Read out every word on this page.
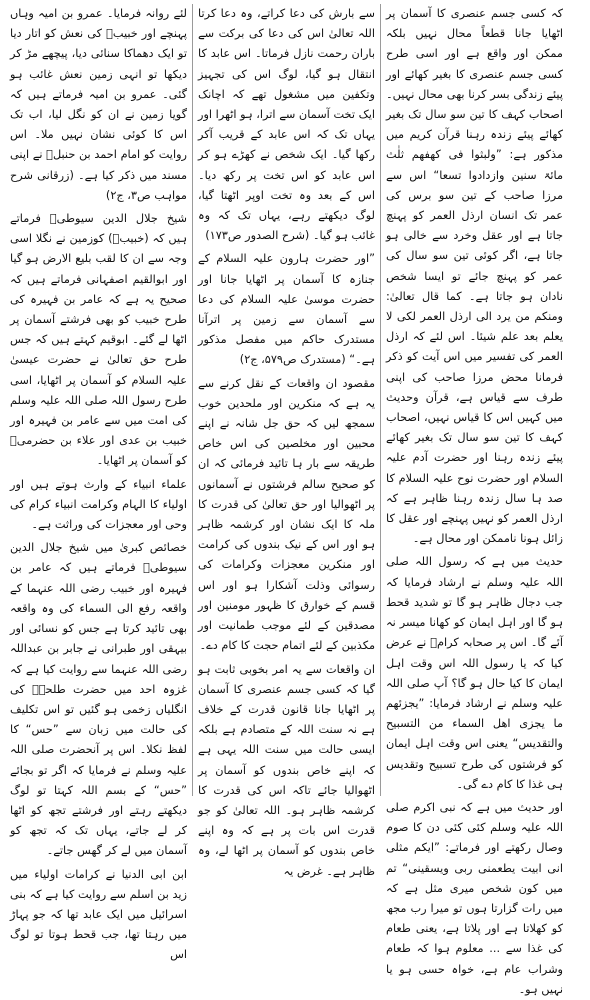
لئے روانہ فرمایا۔ عمرو بن امیہ وہاں پہنچے اور خبیبؓ کی نعش کو اتار دیا تو ایک دھماکا سنائی دیا، پیچھے مڑ کر دیکھا تو انہی زمین نعش غائب ہو گئی۔ عمرو بن امیہ فرماتے ہیں کہ گویا زمین نے ان کو نگل لیا، اب تک اس کا کوئی نشان نہیں ملا۔ اس روایت کو امام احمد بن حنبلؒ نے اپنی مسند میں ذکر کیا ہے۔ (زرقانی شرح مواہب ص۳، ج۲)

شیخ جلال الدین سیوطیؒ فرماتے ہیں کہ (خبیبؓ) کوزمین نے نگلا اسی وجہ سے ان کا لقب بلیع الارض ہو گیا اور ابوالقیم اصفہانی فرماتے ہیں کہ صحیح یہ ہے کہ عامر بن فہیرہ کی طرح خبیب کو بھی فرشتے آسمان پر اٹھا لے گئے۔ ابوقیم کہتے ہیں کہ جس طرح حق تعالیٰ نے حضرت عیسیٰ علیہ السلام کو آسمان پر اٹھایا، اسی طرح رسول اللہ صلی اللہ علیہ وسلم کی امت میں سے عامر بن فہیرہ اور خبیب بن عدی اور علاء بن حضرمیؓ کو آسمان پر اٹھایا۔

علماء انبیاء کے وارث ہوتے ہیں اور اولیاء کا الہام وکرامت انبیاء کرام کی وحی اور معجزات کی وراثت ہے۔

خصائص کبریٰ میں شیخ جلال الدین سیوطیؒ فرماتے ہیں کہ عامر بن فہیرہ اور خبیب رضی اللہ عنہما کے واقعہ رفع الی السماء کی وہ واقعہ بھی تائید کرتا ہے جس کو نسائی اور بیہقی اور طبرانی نے جابر بن عبداللہ رضی اللہ عنہما سے روایت کیا ہے کہ غزوہ احد میں حضرت طلحہؓ کی انگلیاں زخمی ہو گئیں تو اس تکلیف کی حالت میں زبان سے ”حس“ کا لفظ نکلا۔ اس پر آنحضرت صلی اللہ علیہ وسلم نے فرمایا کہ اگر تو بجائے ”حس“ کے بسم اللہ کہتا تو لوگ دیکھتے رہتے اور فرشتے تجھ کو اٹھا کر لے جاتے، یہاں تک کہ تجھ کو آسمان میں لے کر گھس جاتے۔

ابن ابی الدنیا نے کرامات اولیاء میں زید بن اسلم سے روایت کیا ہے کہ بنی اسرائیل میں ایک عابد تھا کہ جو پہاڑ میں رہتا تھا، جب قحط ہوتا تو لوگ اس

سے بارش کی دعا کراتے، وہ دعا کرتا اللہ تعالیٰ اس کی دعا کی برکت سے باران رحمت نازل فرماتا۔ اس عابد کا انتقال ہو گیا، لوگ اس کی تجہیز وتکفین میں مشغول تھے کہ اچانک ایک تخت آسمان سے اترا، ہو اٹھرا اور یہاں تک کہ اس عابد کے قریب آکر رکھا گیا۔ ایک شخص نے کھڑے ہو کر اس عابد کو اس تخت پر رکھ دیا۔ اس کے بعد وہ تخت اوپر اٹھتا گیا، لوگ دیکھتے رہے، یہاں تک کہ وہ غائب ہو گیا۔ (شرح الصدور ص۱۷۳)

”اور حضرت ہارون علیہ السلام کے جنازہ کا آسمان پر اٹھایا جانا اور حضرت موسیٰ علیہ السلام کی دعا سے آسمان سے زمین پر اترآنا مستدرک حاکم میں مفصل مذکور ہے۔“ (مستدرک ص۵۷۹، ج۲)

مقصود ان واقعات کے نقل کرنے سے یہ ہے کہ منکرین اور ملحدین خوب سمجھ لیں کہ حق جل شانہ نے اپنے محبین اور مخلصین کی اس خاص طریقہ سے بار ہا تائید فرمائی کہ ان کو صحیح سالم فرشتوں نے آسمانوں پر اٹھوالیا اور حق تعالیٰ کی قدرت کا ملہ کا ایک نشان اور کرشمہ ظاہر ہو اور اس کے نیک بندوں کی کرامت اور منکرین معجزات وکرامات کی رسوائی وذلت آشکارا ہو اور اس قسم کے خوارق کا ظہور مومنین اور مصدقین کے لئے موجب طمانیت اور مکذبین کے لئے اتمام حجت کا کام دے۔

ان واقعات سے یہ امر بخوبی ثابت ہو گیا کہ کسی جسم عنصری کا آسمان پر اٹھایا جانا قانون قدرت کے خلاف ہے نہ سنت اللہ کے متصادم ہے بلکہ ایسی حالت میں سنت اللہ یہی ہے کہ اپنے خاص بندوں کو آسمان پر اٹھوالیا جائے تاکہ اس کی قدرت کا کرشمہ ظاہر ہو۔ اللہ تعالیٰ کو جو قدرت اس بات پر ہے کہ وہ اپنے خاص بندوں کو آسمان پر اٹھا لے، وہ ظاہر ہے۔ غرض یہ

کہ کسی جسم عنصری کا آسمان پر اٹھایا جانا قطعاً محال نہیں بلکہ ممکن اور واقع ہے اور اسی طرح کسی جسم عنصری کا بغیر کھائے اور پیئے زندگی بسر کرنا بھی محال نہیں۔ اصحاب کہف کا تین سو سال تک بغیر کھائے پیئے زندہ رہنا قرآن کریم میں مذکور ہے: ”ولبثوا فی کھفھم ثلٰث مائۃ سنین وازدادوا تسعا“ اس سے مرزا صاحب کے تین سو برس کی عمر تک انسان ارذل العمر کو پہنچ جاتا ہے اور عقل وخرد سے خالی ہو جاتا ہے، اگر کوئی تین سو سال کی عمر کو پہنچ جائے تو ایسا شخص نادان ہو جاتا ہے۔ کما قال تعالیٰ: ومنکم من یرد الی ارذل العمر لکی لا یعلم بعد علم شیئا۔ اس لئے کہ ارذل العمر کی تفسیر میں اس آیت کو ذکر فرمانا محض مرزا صاحب کی اپنی طرف سے قیاس ہے، قرآن وحدیث میں کہیں اس کا قیاس نہیں، اصحاب کہف کا تین سو سال تک بغیر کھائے پیئے زندہ رہنا اور حضرت آدم علیہ السلام اور حضرت نوح علیہ السلام کا صد ہا سال زندہ رہنا ظاہر ہے کہ ارذل العمر کو نہیں پہنچے اور عقل کا زائل ہونا ناممکن اور محال ہے۔

حدیث میں ہے کہ رسول اللہ صلی اللہ علیہ وسلم نے ارشاد فرمایا کہ جب دجال ظاہر ہو گا تو شدید قحط ہو گا اور اہل ایمان کو کھانا میسر نہ آئے گا۔ اس پر صحابہ کرامؓ نے عرض کیا کہ یا رسول اللہ اس وقت اہل ایمان کا کیا حال ہو گا؟ آپ صلی اللہ علیہ وسلم نے ارشاد فرمایا: ”یجزئھم ما یجزی اھل السماء من التسبیح والتقدیس“ یعنی اس وقت اہل ایمان کو فرشتوں کی طرح تسبیح وتقدیس ہی غذا کا کام دے گی۔

اور حدیث میں ہے کہ نبی اکرم صلی اللہ علیہ وسلم کئی کئی دن کا صوم وصال رکھتے اور فرماتے: ”ایکم مثلی انی ابیت یطعمنی ربی ویسقینی“ تم میں کون شخص میری مثل ہے کہ میں رات گزارتا ہوں تو میرا رب مجھ کو کھلاتا ہے اور پلاتا ہے، یعنی طعام کی غذا سے ... معلوم ہوا کہ طعام وشراب عام ہے، خواہ حسی ہو یا نہیں ہو۔
